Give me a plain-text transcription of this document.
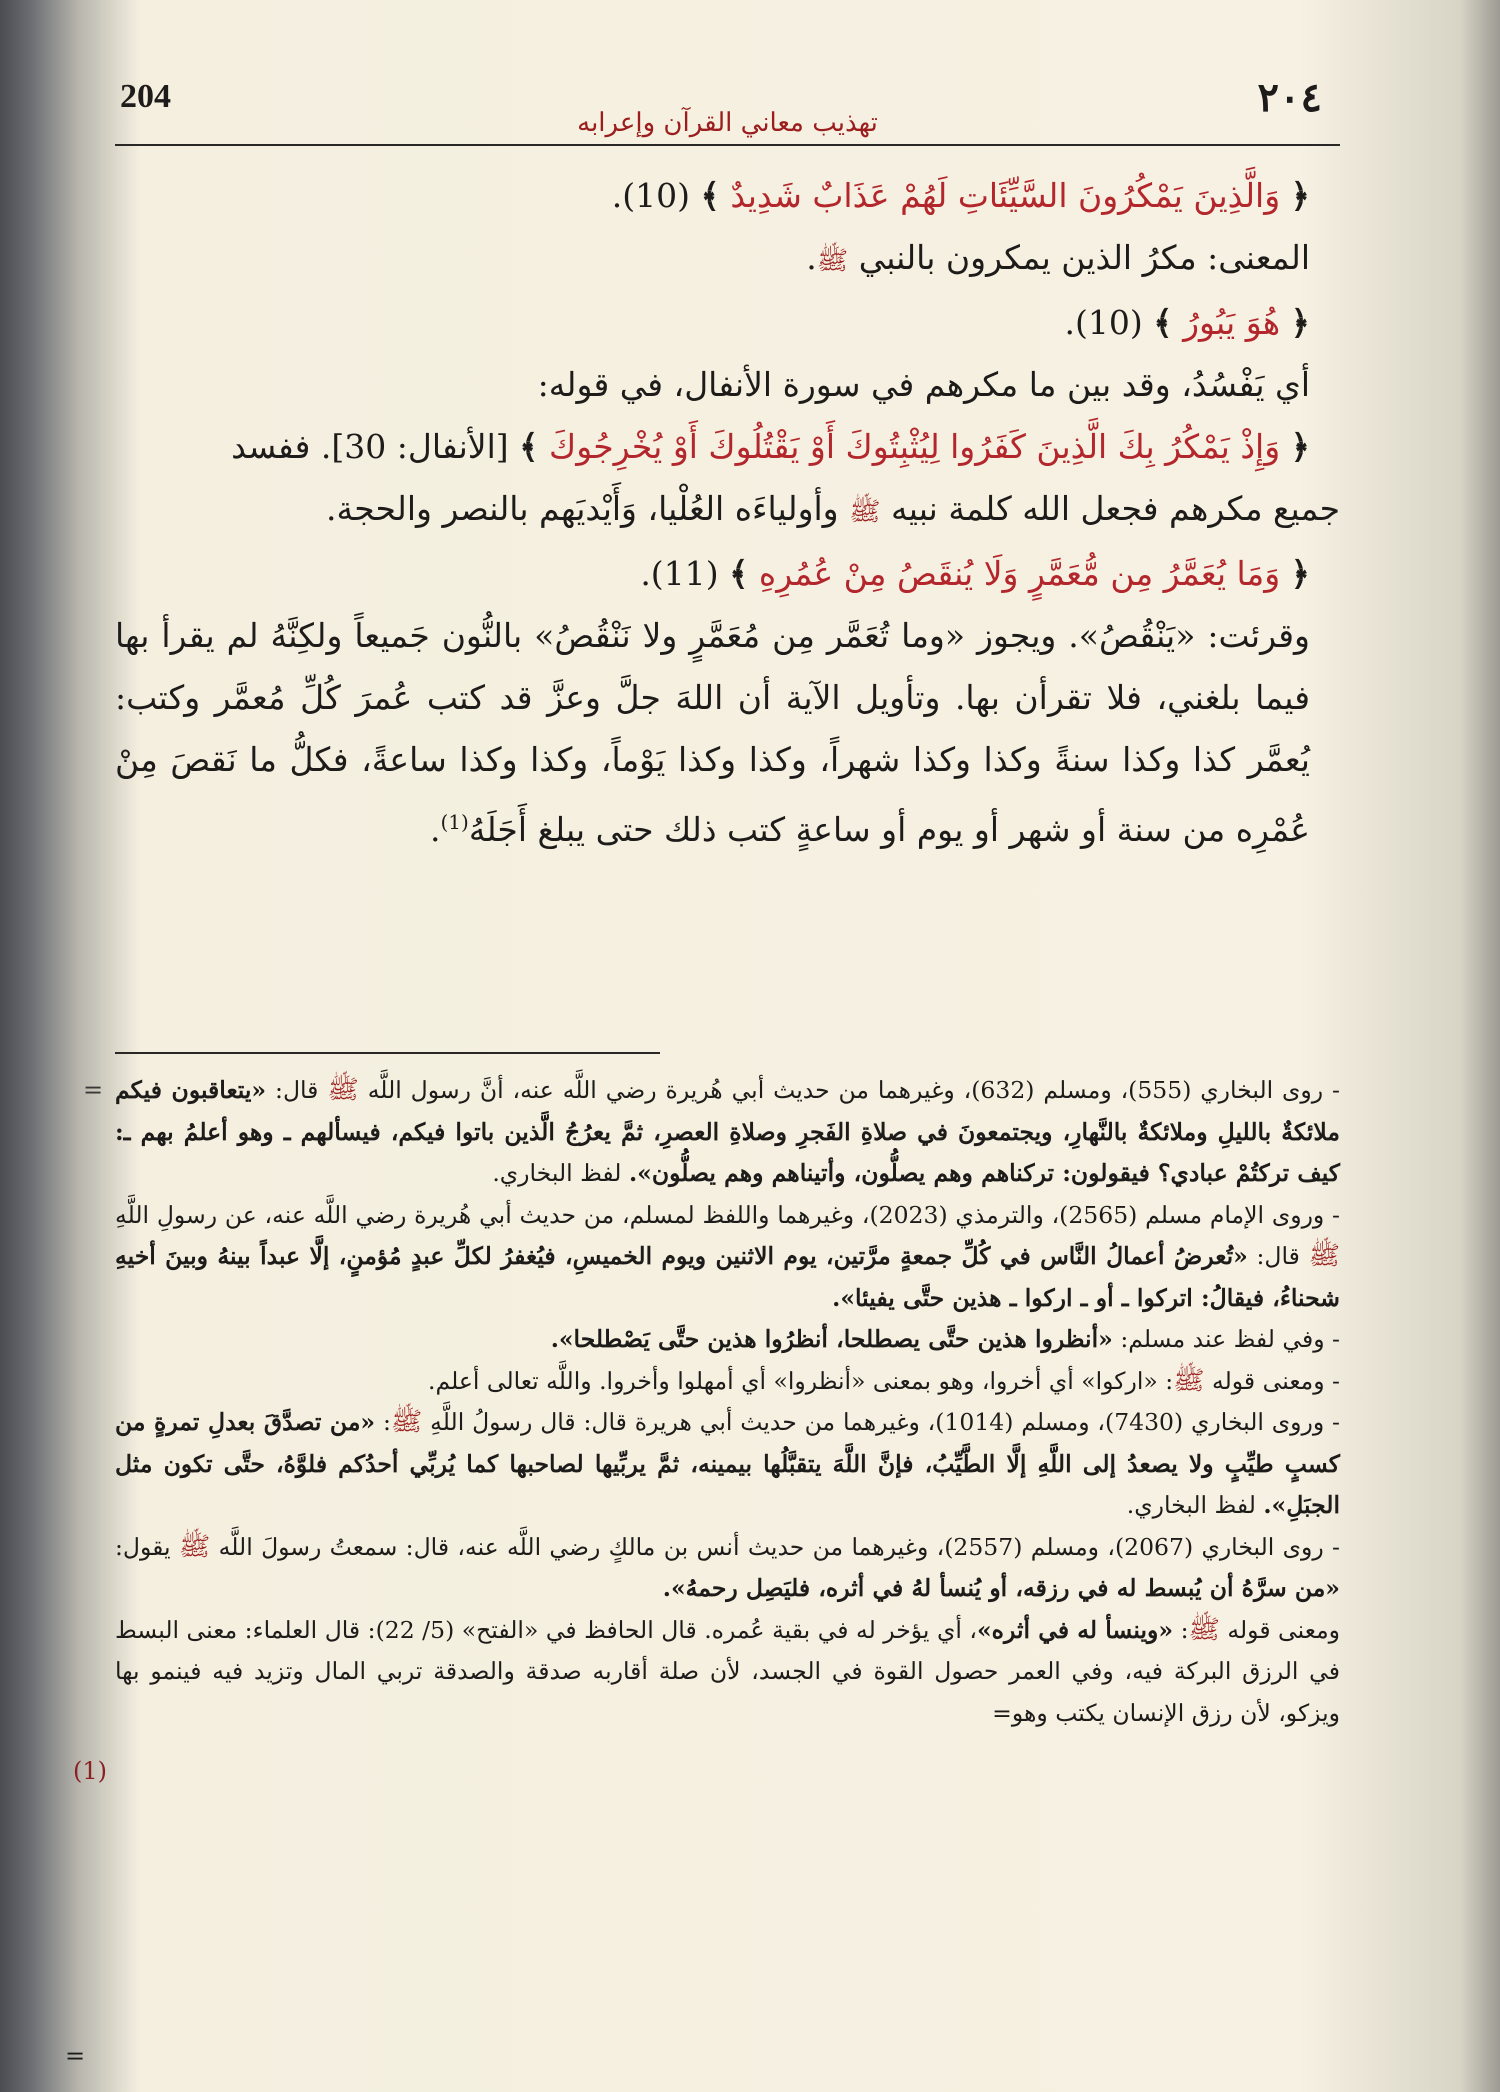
204
تهذيب معاني القرآن وإعرابه
٢٠٤

﴿ وَالَّذِينَ يَمْكُرُونَ السَّيِّئَاتِ لَهُمْ عَذَابٌ شَدِيدٌ ﴾ (10).

المعنى: مكرُ الذين يمكرون بالنبي ﷺ.

﴿ هُوَ يَبُورُ ﴾ (10).

أي يَفْسُدُ، وقد بين ما مكرهم في سورة الأنفال، في قوله:

﴿ وَإِذْ يَمْكُرُ بِكَ الَّذِينَ كَفَرُوا لِيُثْبِتُوكَ أَوْ يَقْتُلُوكَ أَوْ يُخْرِجُوكَ ﴾ [الأنفال: 30]. ففسد

جميع مكرهم فجعل الله كلمة نبيه ﷺ وأولياءَه العُلْيا، وَأَيْديَهم بالنصر والحجة.

﴿ وَمَا يُعَمَّرُ مِن مُّعَمَّرٍ وَلَا يُنقَصُ مِنْ عُمُرِهِ ﴾ (11).

وقرئت: «يَنْقُصُ». ويجوز «وما تُعَمَّر مِن مُعَمَّرٍ ولا نَنْقُصُ» بالنُّون جَميعاً ولكِنَّهُ لم يقرأ بها فيما بلغني، فلا تقرأن بها. وتأويل الآية أن اللهَ جلَّ وعزَّ قد كتب عُمرَ كُلِّ مُعمَّر وكتب: يُعمَّر كذا وكذا سنةً وكذا وكذا شهراً، وكذا وكذا يَوْماً، وكذا وكذا ساعةً، فكلُّ ما نَقصَ مِنْ عُمْرِه من سنة أو شهر أو يوم أو ساعةٍ كتب ذلك حتى يبلغ أَجَلَهُ$^{(1)}$.

=
(1)
=

- روى البخاري (555)، ومسلم (632)، وغيرهما من حديث أبي هُريرة رضي اللَّه عنه، أنَّ رسول اللَّه ﷺ قال: «يتعاقبون فيكم ملائكةٌ بالليلِ وملائكةٌ بالنَّهارِ، ويجتمعونَ في صلاةِ الفَجرِ وصلاةِ العصرِ، ثمَّ يعرُجُ الَّذين باتوا فيكم، فيسألهم ـ وهو أعلمُ بهم ـ: كيف تركتُمْ عبادي؟ فيقولون: تركناهم وهم يصلُّون، وأتيناهم وهم يصلُّون». لفظ البخاري.

- وروى الإمام مسلم (2565)، والترمذي (2023)، وغيرهما واللفظ لمسلم، من حديث أبي هُريرة رضي اللَّه عنه، عن رسولِ اللَّهِ ﷺ قال: «تُعرضُ أعمالُ النَّاس في كُلِّ جمعةٍ مرَّتين، يوم الاثنين ويوم الخميسِ، فيُغفرُ لكلِّ عبدٍ مُؤمنٍ، إلَّا عبداً بينهُ وبينَ أخيهِ شحناءُ، فيقالُ: اتركوا ـ أو ـ اركوا ـ هذين حتَّى يفيئا».

- وفي لفظ عند مسلم: «أنظروا هذين حتَّى يصطلحا، أنظرُوا هذين حتَّى يَصْطلحا».

- ومعنى قوله ﷺ: «اركوا» أي أخروا، وهو بمعنى «أنظروا» أي أمهلوا وأخروا. واللَّه تعالى أعلم.

- وروى البخاري (7430)، ومسلم (1014)، وغيرهما من حديث أبي هريرة قال: قال رسولُ اللَّهِ ﷺ: «من تصدَّقَ بعدلِ تمرةٍ من كسبٍ طيِّبٍ ولا يصعدُ إلى اللَّهِ إلَّا الطَّيِّبُ، فإنَّ اللَّهَ يتقبَّلُها بيمينه، ثمَّ يربِّيها لصاحبها كما يُربِّي أحدُكم فلوَّهُ، حتَّى تكون مثل الجبَلِ». لفظ البخاري.

- روى البخاري (2067)، ومسلم (2557)، وغيرهما من حديث أنس بن مالكٍ رضي اللَّه عنه، قال: سمعتُ رسولَ اللَّه ﷺ يقول: «من سرَّهُ أن يُبسط له في رزقه، أو يُنسأ لهُ في أثره، فليَصِل رحمهُ».

ومعنى قوله ﷺ: «وينسأ له في أثره»، أي يؤخر له في بقية عُمره. قال الحافظ في «الفتح» (5/ 22): قال العلماء: معنى البسط في الرزق البركة فيه، وفي العمر حصول القوة في الجسد، لأن صلة أقاربه صدقة والصدقة تربي المال وتزيد فيه فينمو بها ويزكو، لأن رزق الإنسان يكتب وهو=
